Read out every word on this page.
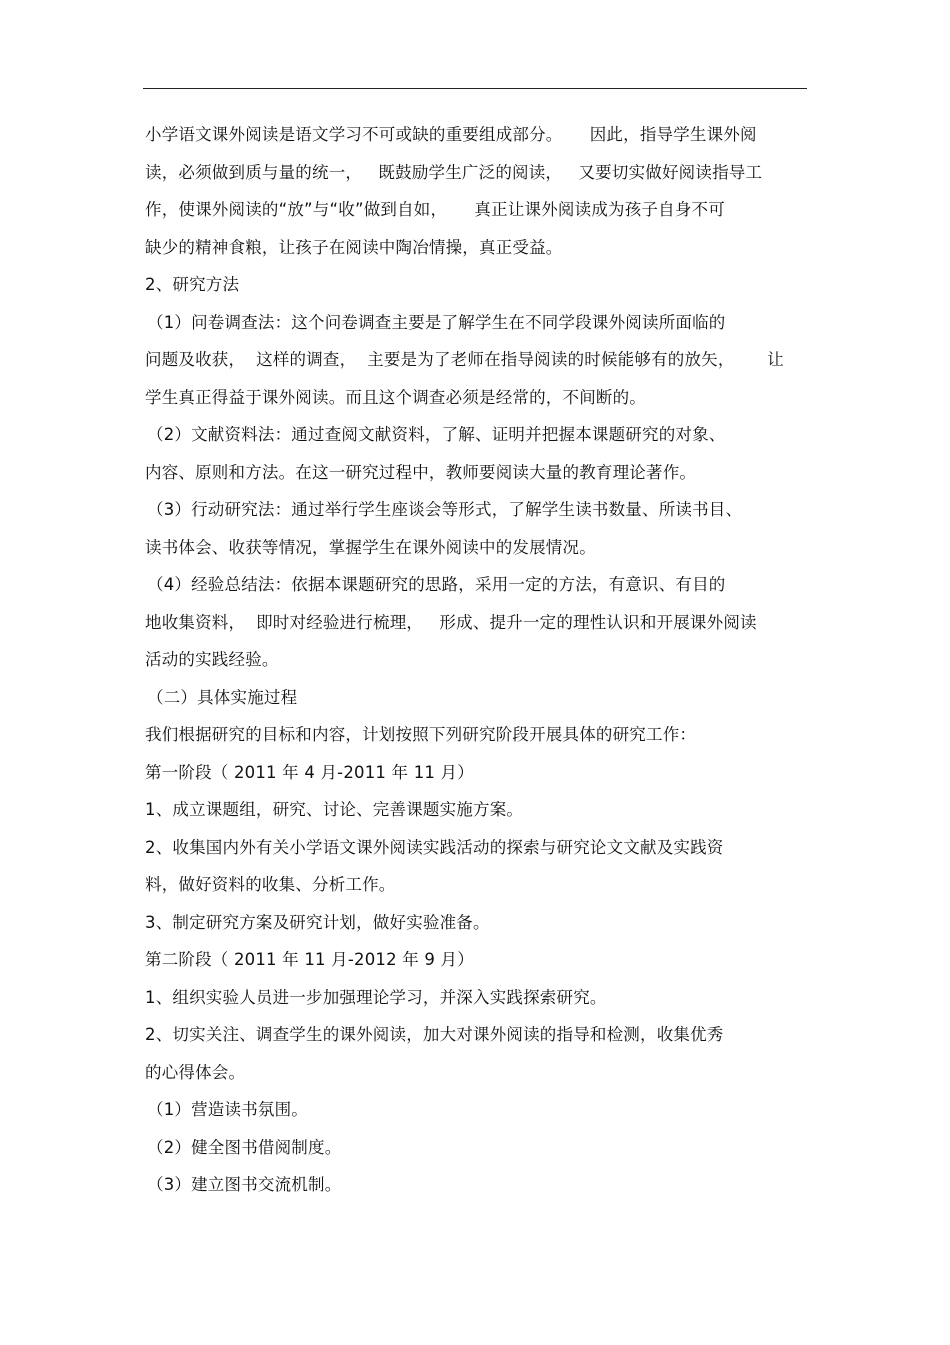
小学语文课外阅读是语文学习不可或缺的重要组成部分。     因此，指导学生课外阅
读，必须做到质与量的统一，   既鼓励学生广泛的阅读，   又要切实做好阅读指导工
作，使课外阅读的“放”与“收”做到自如，     真正让课外阅读成为孩子自身不可
缺少的精神食粮，让孩子在阅读中陶冶情操，真正受益。
2、研究方法
（1）问卷调查法：这个问卷调查主要是了解学生在不同学段课外阅读所面临的
问题及收获，  这样的调查，  主要是为了老师在指导阅读的时候能够有的放矢，      让
学生真正得益于课外阅读。而且这个调查必须是经常的，不间断的。
（2）文献资料法：通过查阅文献资料，了解、证明并把握本课题研究的对象、
内容、原则和方法。在这一研究过程中，教师要阅读大量的教育理论著作。
（3）行动研究法：通过举行学生座谈会等形式，了解学生读书数量、所读书目、
读书体会、收获等情况，掌握学生在课外阅读中的发展情况。
（4）经验总结法：依据本课题研究的思路，采用一定的方法，有意识、有目的
地收集资料，  即时对经验进行梳理，   形成、提升一定的理性认识和开展课外阅读
活动的实践经验。
（二）具体实施过程
我们根据研究的目标和内容，计划按照下列研究阶段开展具体的研究工作：
第一阶段（ 2011 年 4 月-2011 年 11 月）
1、成立课题组，研究、讨论、完善课题实施方案。
2、收集国内外有关小学语文课外阅读实践活动的探索与研究论文文献及实践资
料，做好资料的收集、分析工作。
3、制定研究方案及研究计划，做好实验准备。
第二阶段（ 2011 年 11 月-2012 年 9 月）
1、组织实验人员进一步加强理论学习，并深入实践探索研究。
2、切实关注、调查学生的课外阅读，加大对课外阅读的指导和检测，收集优秀
的心得体会。
（1）营造读书氛围。
（2）健全图书借阅制度。
（3）建立图书交流机制。
